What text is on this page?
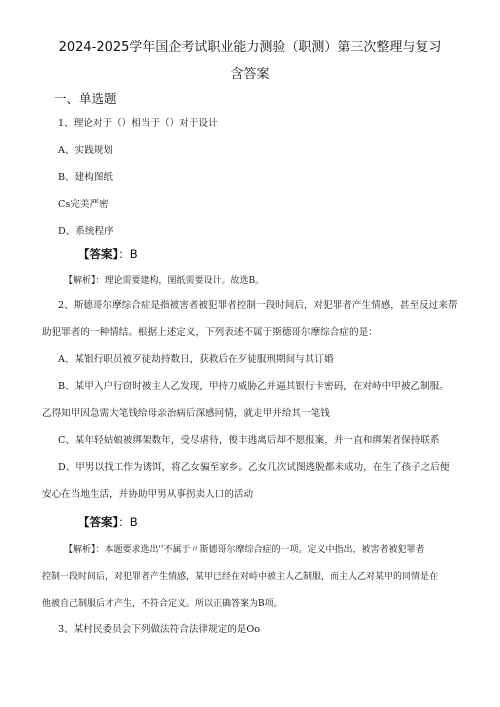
2024-2025学年国企考试职业能力测验（职测）第三次整理与复习
含答案
一、单选题
1、理论对于（）相当于（）对于设计
A、实践规划
B、建构图纸
Cs完美严密
D、系统程序
【答案】：B
【解析】：理论需要建构，图纸需要设计。故选B。
2、斯德哥尔摩综合症是指被害者被犯罪者控制一段时间后，对犯罪者产生情感，甚至反过来帮
助犯罪者的一种情结。根据上述定义，下列表述不属于斯德哥尔摩综合症的是：
A、某银行职员被歹徒劫持数日，获救后在歹徒服刑期间与其订婚
B、某甲入户行窃时被主人乙发现，甲持刀威胁乙并逼其银行卡密码，在对峙中甲被乙制服。
乙得知甲因急需大笔钱给母亲治病后深感同情，就走甲并给其一笔钱
C、某年轻姑娘被绑架数年，受尽虐待，俊丰逃离后却不愿报案，并一直和绑架者保持联系
D、甲男以找工作为诱饵，将乙女骗至家乡。乙女几次试图逃脱都未成功，在生了孩子之后便
安心在当地生活，并协助甲男从事拐卖人口的活动
【答案】：B
【解析】：本题要求选出''不属于〃斯德哥尔摩综合症的一项。定义中指出，被害者被犯罪者
控制一段时间后，对犯罪者产生情感，某甲已经在对峙中被主人乙制服，而主人乙对某甲的同情是在
他被自己制服后才产生，不符合定义。所以正确答案为B项。
3、某村民委员会下列做法符合法律规定的是Oo
